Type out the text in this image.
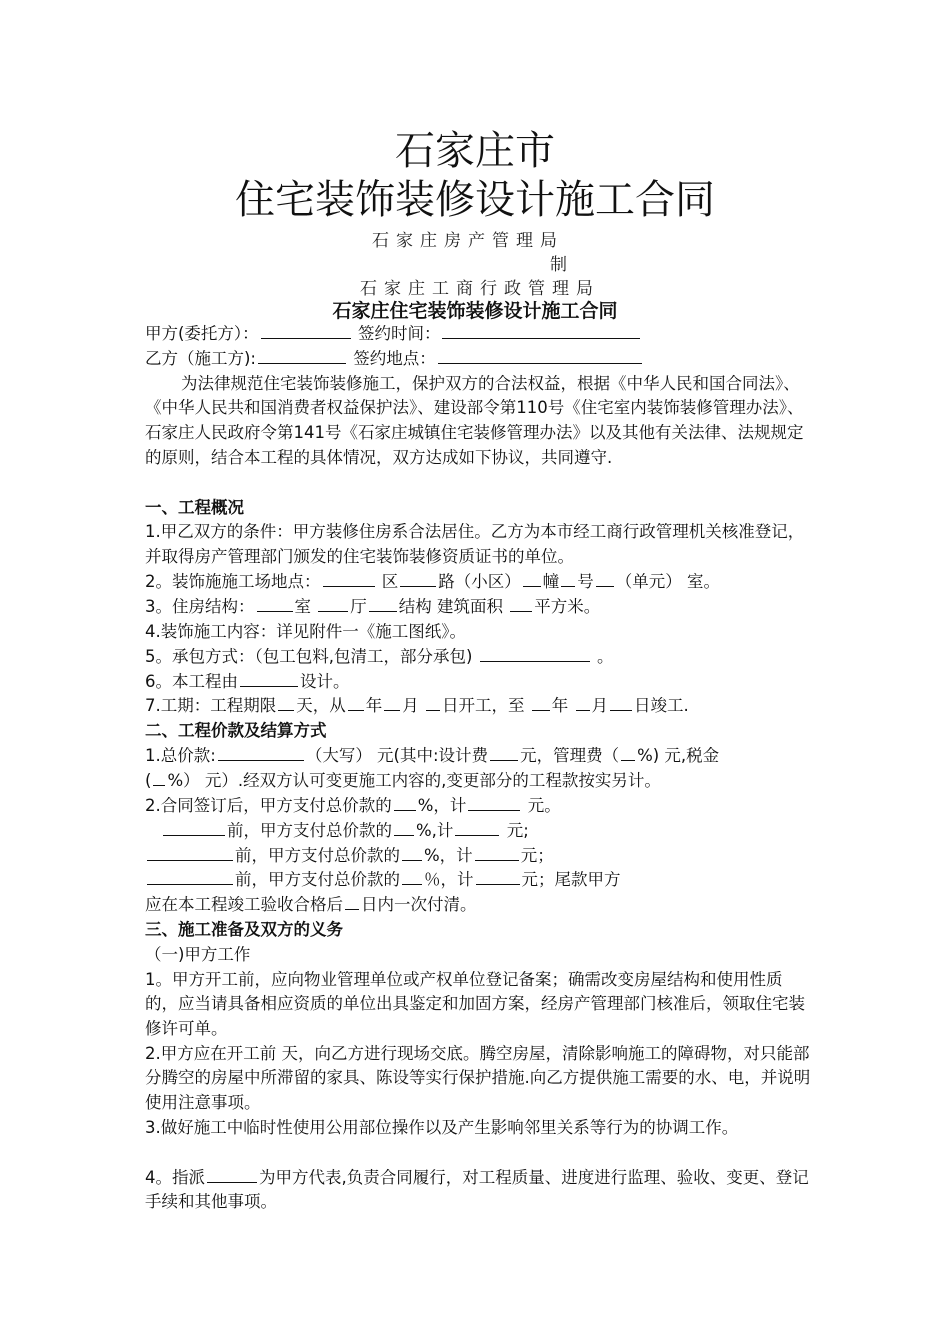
石家庄市
住宅装饰装修设计施工合同
石家庄房产管理局
制
石家庄工商行政管理局
石家庄住宅装饰装修设计施工合同
甲方(委托方）：	签约时间：
乙方（施工方):	签约地点：
为法律规范住宅装饰装修施工，保护双方的合法权益，根据《中华人民和国合同法》、《中华人民共和国消费者权益保护法》、建设部令第110号《住宅室内装饰装修管理办法》、石家庄人民政府令第141号《石家庄城镇住宅装修管理办法》以及其他有关法律、法规规定的原则，结合本工程的具体情况，双方达成如下协议，共同遵守.
一、工程概况
1.甲乙双方的条件：甲方装修住房系合法居住。乙方为本市经工商行政管理机关核准登记，并取得房产管理部门颁发的住宅装饰装修资质证书的单位。
2。装饰施施工场地点：	区 路（小区） 幢 号 （单元） 室。
3。住房结构： 室 厅 结构 建筑面积 平方米。
4.装饰施工内容：详见附件一《施工图纸》。
5。承包方式：（包工包料,包清工，部分承包)	。
6。本工程由	设计。
7.工期：工程期限 天，从 年 月 日开工，至 年 月 日竣工.
二、工程价款及结算方式
1.总价款:	（大写） 元(其中:设计费 元，管理费（ %) 元,税金
( %） 元）.经双方认可变更施工内容的,变更部分的工程款按实另计。
2.合同签订后，甲方支付总价款的 %，计	元。
前，甲方支付总价款的 %,计	元;
前，甲方支付总价款的 %，计	元；
前，甲方支付总价款的 ％，计	元；尾款甲方
应在本工程竣工验收合格后 日内一次付清。
三、施工准备及双方的义务
（一)甲方工作
1。甲方开工前，应向物业管理单位或产权单位登记备案；确需改变房屋结构和使用性质的，应当请具备相应资质的单位出具鉴定和加固方案，经房产管理部门核准后，领取住宅装修许可单。
2.甲方应在开工前 天，向乙方进行现场交底。腾空房屋，清除影响施工的障碍物，对只能部分腾空的房屋中所滞留的家具、陈设等实行保护措施.向乙方提供施工需要的水、电，并说明使用注意事项。
3.做好施工中临时性使用公用部位操作以及产生影响邻里关系等行为的协调工作。
4。指派	为甲方代表,负责合同履行，对工程质量、进度进行监理、验收、变更、登记手续和其他事项。
